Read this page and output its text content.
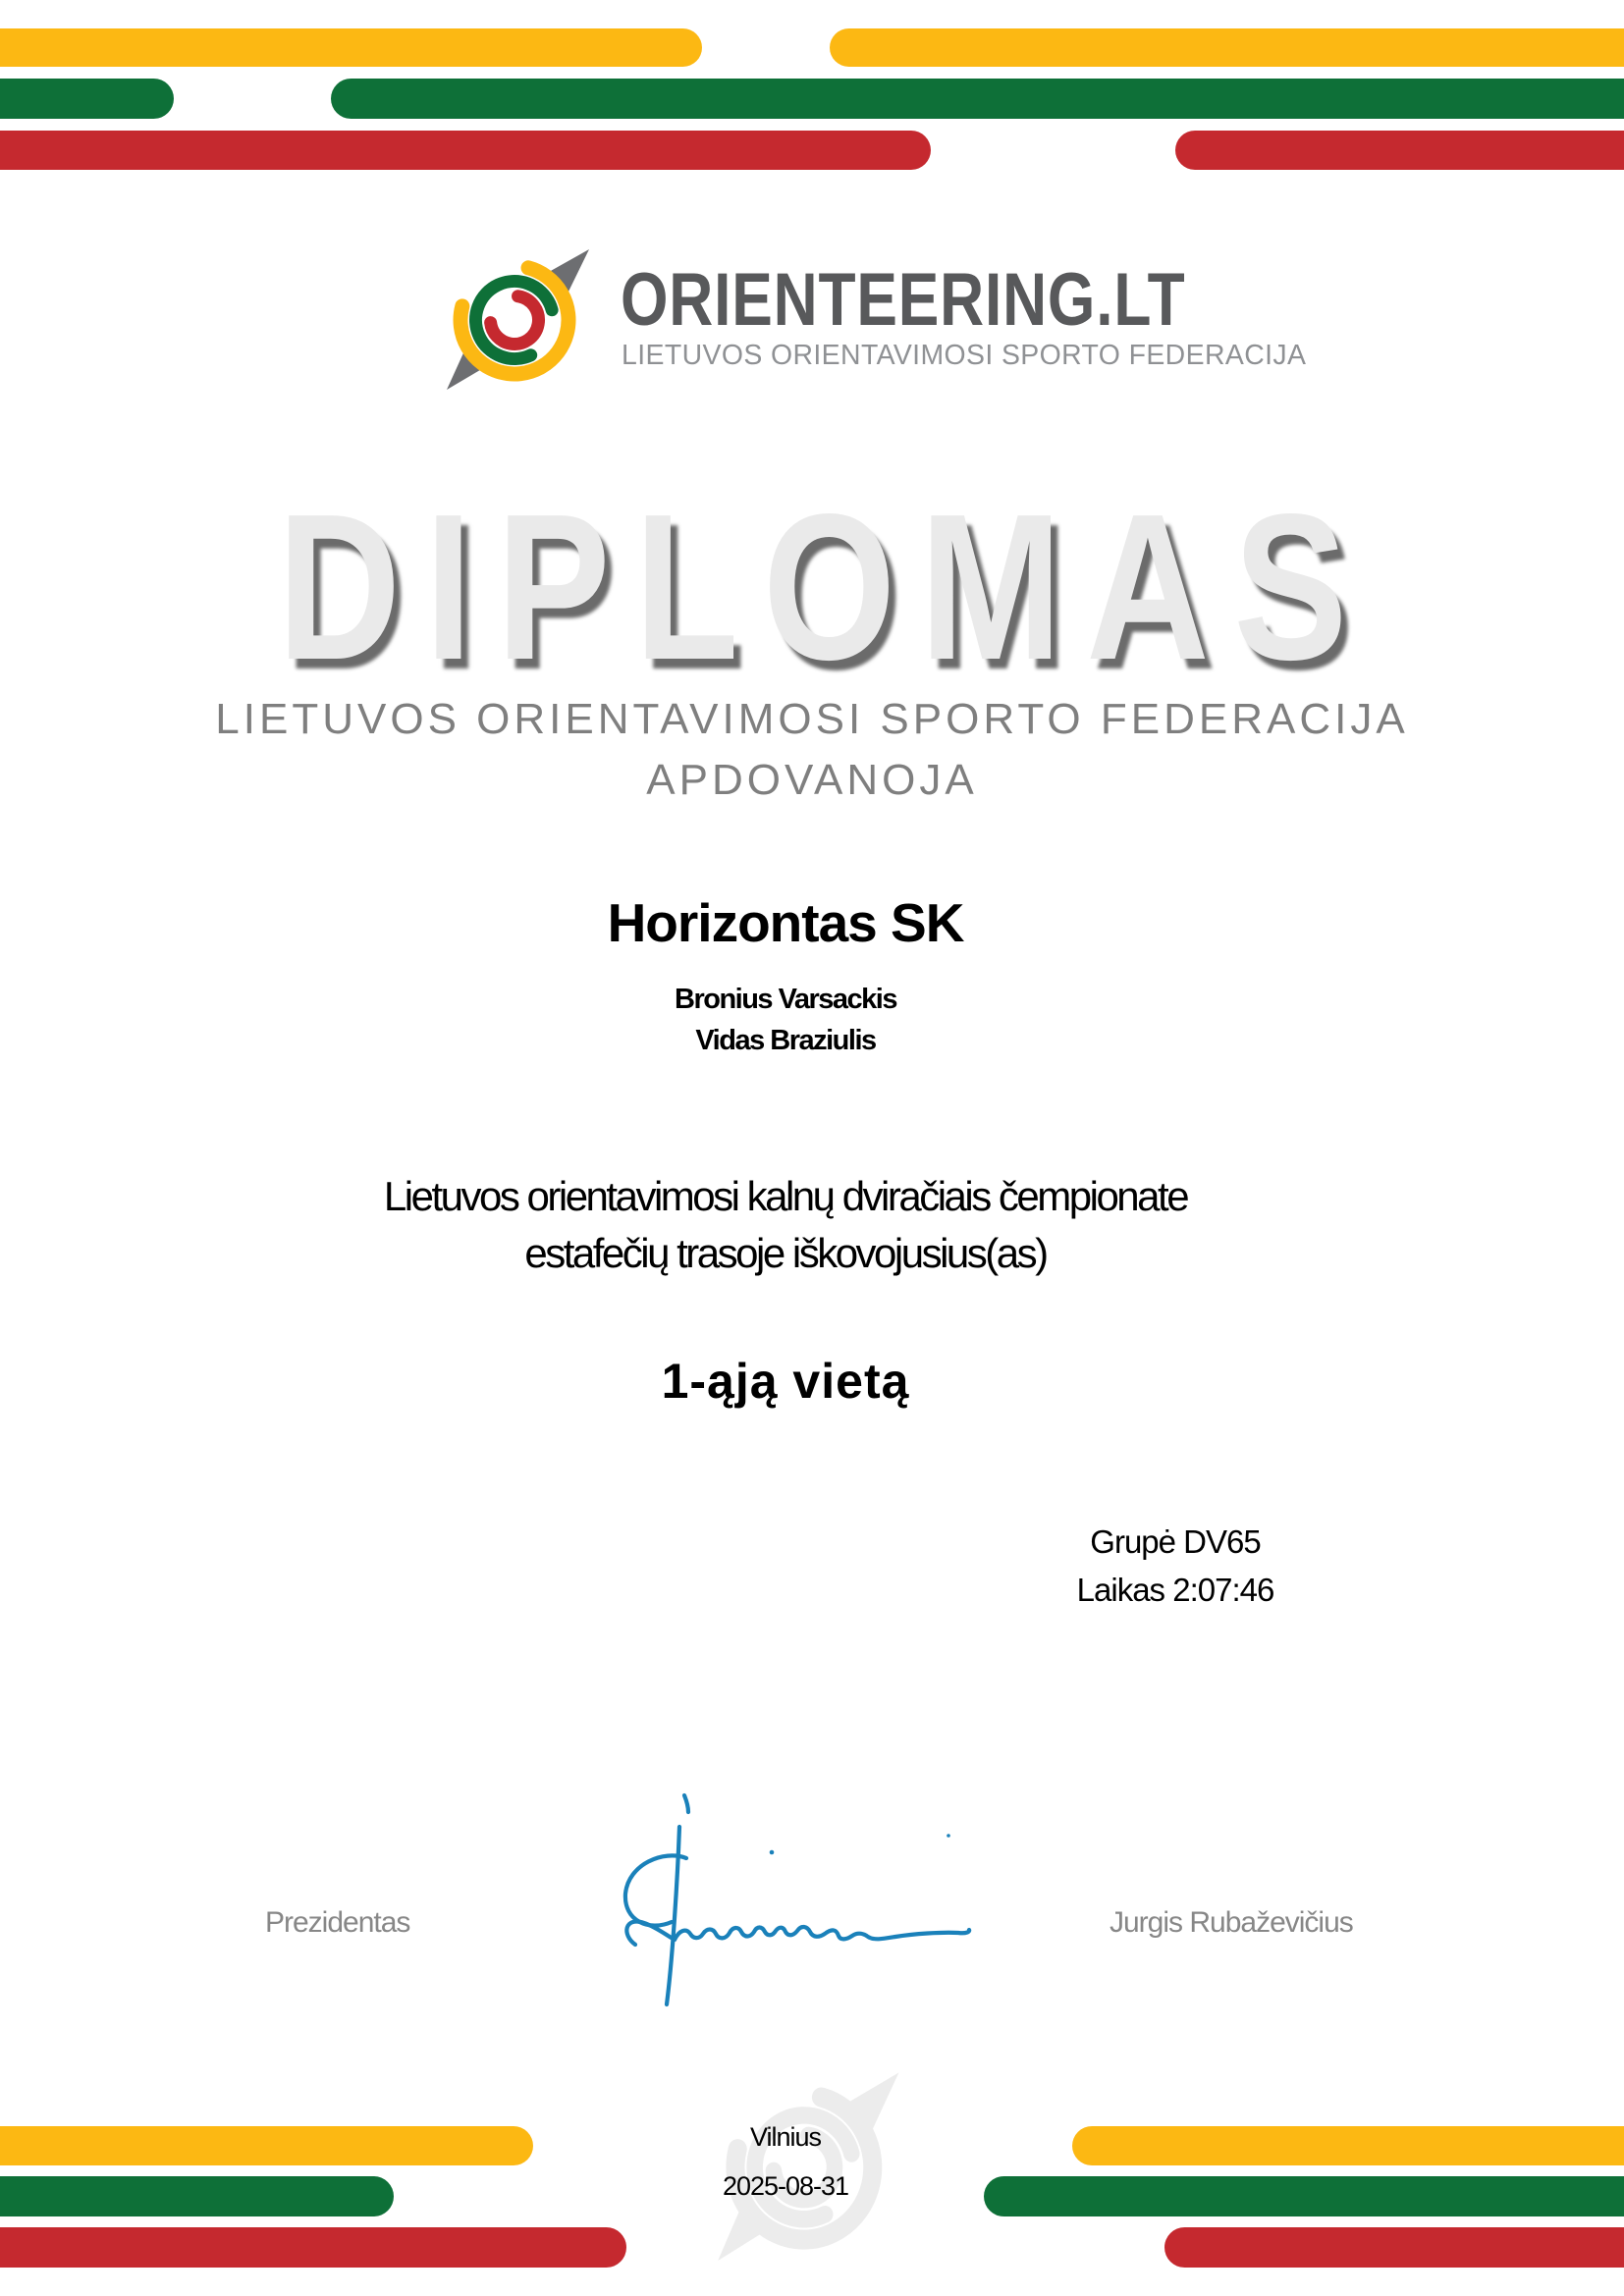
ORIENTEERING.LT
LIETUVOS ORIENTAVIMOSI SPORTO FEDERACIJA
DIPLOMAS
LIETUVOS ORIENTAVIMOSI SPORTO FEDERACIJA
APDOVANOJA
Horizontas SK
Bronius Varsackis
Vidas Braziulis
Lietuvos orientavimosi kalnų dviračiais čempionate
estafečių trasoje iškovojusius(as)
1-ąją vietą
Vilnius
2025-08-31
Grupė DV65
Laikas 2:07:46
Prezidentas	Jurgis Rubaževičius
